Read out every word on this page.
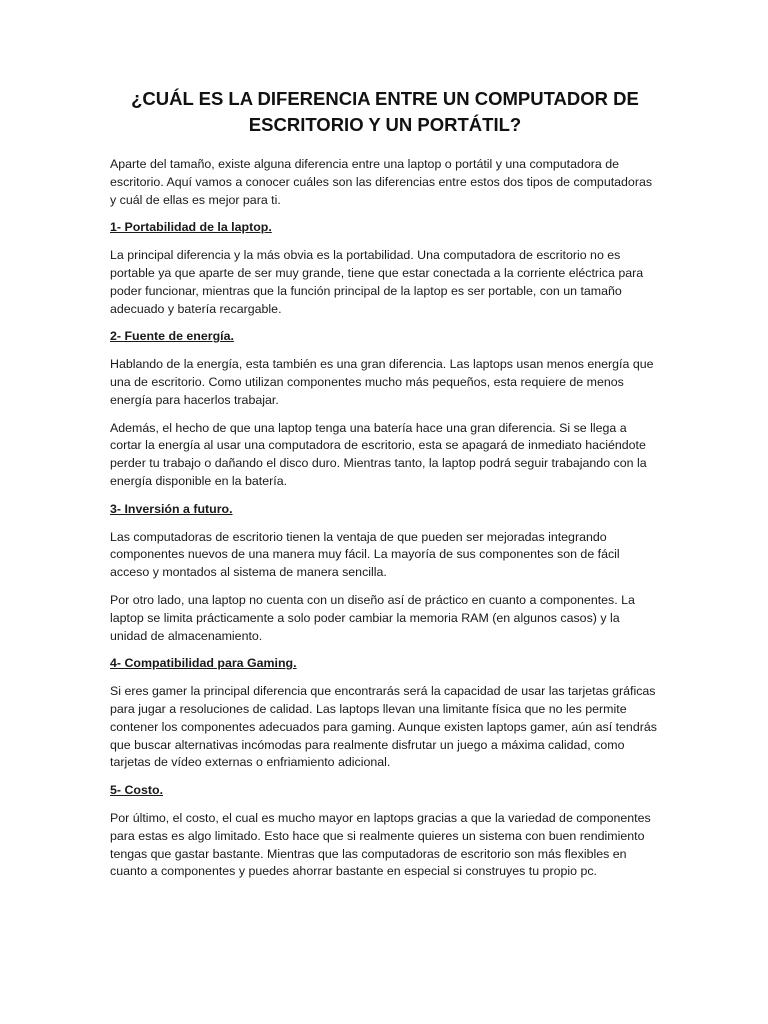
¿CUÁL ES LA DIFERENCIA ENTRE UN COMPUTADOR DE
ESCRITORIO Y UN PORTÁTIL?

Aparte del tamaño, existe alguna diferencia entre una laptop o portátil y una computadora de escritorio. Aquí vamos a conocer cuáles son las diferencias entre estos dos tipos de computadoras y cuál de ellas es mejor para ti.

1- Portabilidad de la laptop.

La principal diferencia y la más obvia es la portabilidad. Una computadora de escritorio no es portable ya que aparte de ser muy grande, tiene que estar conectada a la corriente eléctrica para poder funcionar, mientras que la función principal de la laptop es ser portable, con un tamaño adecuado y batería recargable.

2- Fuente de energía.

Hablando de la energía, esta también es una gran diferencia. Las laptops usan menos energía que una de escritorio. Como utilizan componentes mucho más pequeños, esta requiere de menos energía para hacerlos trabajar.

Además, el hecho de que una laptop tenga una batería hace una gran diferencia. Si se llega a cortar la energía al usar una computadora de escritorio, esta se apagará de inmediato haciéndote perder tu trabajo o dañando el disco duro. Mientras tanto, la laptop podrá seguir trabajando con la energía disponible en la batería.

3- Inversión a futuro.

Las computadoras de escritorio tienen la ventaja de que pueden ser mejoradas integrando componentes nuevos de una manera muy fácil. La mayoría de sus componentes son de fácil acceso y montados al sistema de manera sencilla.

Por otro lado, una laptop no cuenta con un diseño así de práctico en cuanto a componentes. La laptop se limita prácticamente a solo poder cambiar la memoria RAM (en algunos casos) y la unidad de almacenamiento.

4- Compatibilidad para Gaming.

Si eres gamer la principal diferencia que encontrarás será la capacidad de usar las tarjetas gráficas para jugar a resoluciones de calidad. Las laptops llevan una limitante física que no les permite contener los componentes adecuados para gaming. Aunque existen laptops gamer, aún así tendrás que buscar alternativas incómodas para realmente disfrutar un juego a máxima calidad, como tarjetas de vídeo externas o enfriamiento adicional.

5- Costo.

Por último, el costo, el cual es mucho mayor en laptops gracias a que la variedad de componentes para estas es algo limitado. Esto hace que si realmente quieres un sistema con buen rendimiento tengas que gastar bastante. Mientras que las computadoras de escritorio son más flexibles en cuanto a componentes y puedes ahorrar bastante en especial si construyes tu propio pc.
